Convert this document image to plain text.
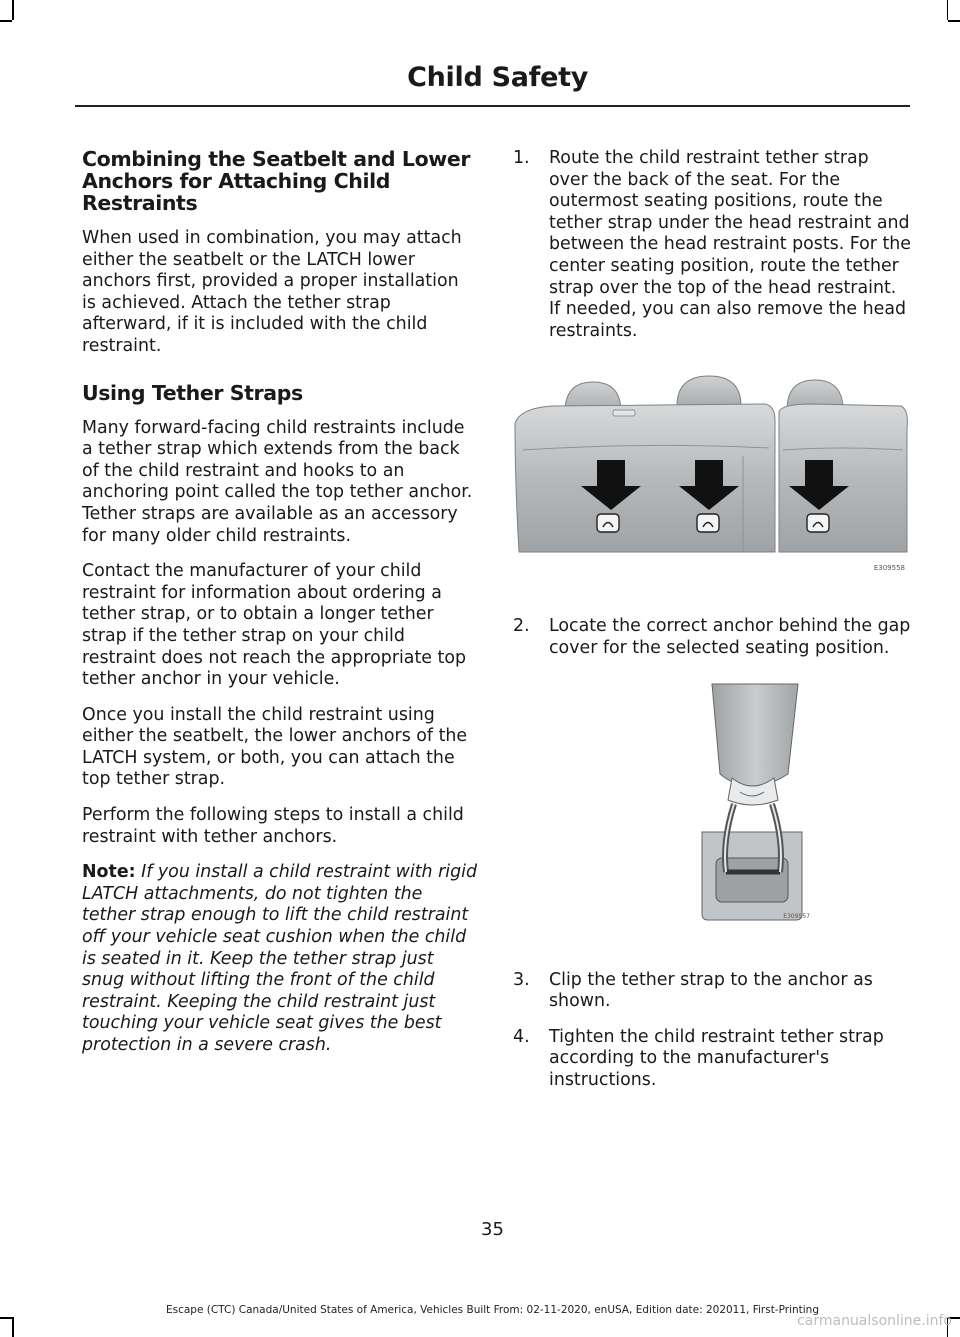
Child Safety
Combining the Seatbelt and Lower Anchors for Attaching Child Restraints

When used in combination, you may attach either the seatbelt or the LATCH lower anchors first, provided a proper installation is achieved. Attach the tether strap afterward, if it is included with the child restraint.

Using Tether Straps

Many forward-facing child restraints include a tether strap which extends from the back of the child restraint and hooks to an anchoring point called the top tether anchor. Tether straps are available as an accessory for many older child restraints.

Contact the manufacturer of your child restraint for information about ordering a tether strap, or to obtain a longer tether strap if the tether strap on your child restraint does not reach the appropriate top tether anchor in your vehicle.

Once you install the child restraint using either the seatbelt, the lower anchors of the LATCH system, or both, you can attach the top tether strap.

Perform the following steps to install a child restraint with tether anchors.

Note: If you install a child restraint with rigid LATCH attachments, do not tighten the tether strap enough to lift the child restraint off your vehicle seat cushion when the child is seated in it. Keep the tether strap just snug without lifting the front of the child restraint. Keeping the child restraint just touching your vehicle seat gives the best protection in a severe crash.

1. Route the child restraint tether strap over the back of the seat. For the outermost seating positions, route the tether strap under the head restraint and between the head restraint posts. For the center seating position, route the tether strap over the top of the head restraint. If needed, you can also remove the head restraints.
E309558
2. Locate the correct anchor behind the gap cover for the selected seating position.
E309557
3. Clip the tether strap to the anchor as shown.
4. Tighten the child restraint tether strap according to the manufacturer's instructions.
35
Escape (CTC) Canada/United States of America, Vehicles Built From: 02-11-2020, enUSA, Edition date: 202011, First-Printing
carmanualsonline.info
